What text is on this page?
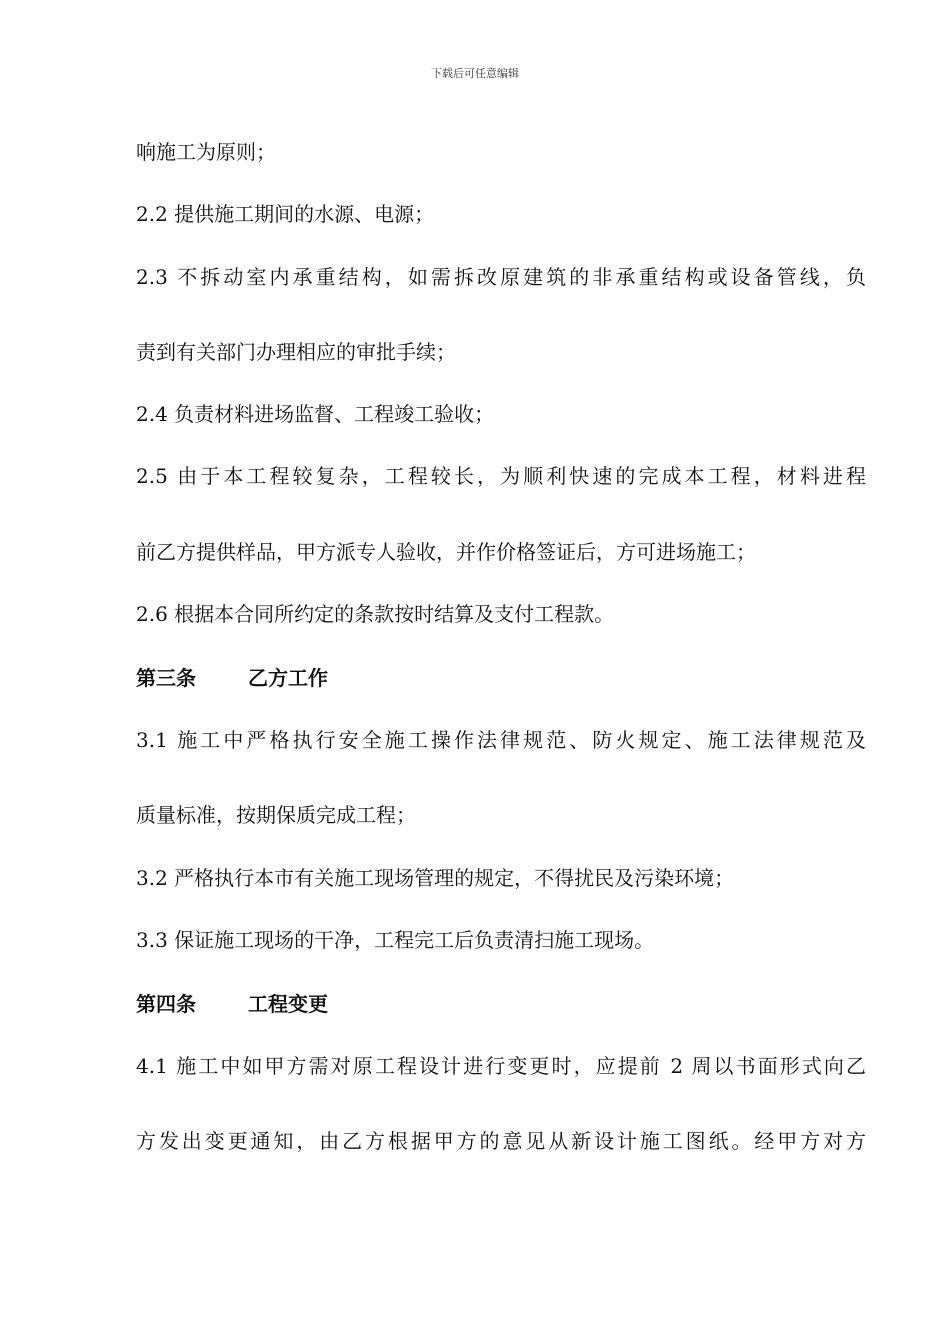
下载后可任意编辑
响施工为原则；
2.2 提供施工期间的水源、电源；
2.3 不拆动室内承重结构，如需拆改原建筑的非承重结构或设备管线，负
责到有关部门办理相应的审批手续；
2.4 负责材料进场监督、工程竣工验收；
2.5 由于本工程较复杂，工程较长，为顺利快速的完成本工程，材料进程
前乙方提供样品，甲方派专人验收，并作价格签证后，方可进场施工；
2.6 根据本合同所约定的条款按时结算及支付工程款。
第三条	乙方工作
3.1 施工中严格执行安全施工操作法律规范、防火规定、施工法律规范及
质量标准，按期保质完成工程；
3.2 严格执行本市有关施工现场管理的规定，不得扰民及污染环境；
3.3 保证施工现场的干净，工程完工后负责清扫施工现场。
第四条	工程变更
4.1 施工中如甲方需对原工程设计进行变更时，应提前 2 周以书面形式向乙
方发出变更通知，由乙方根据甲方的意见从新设计施工图纸。经甲方对方
